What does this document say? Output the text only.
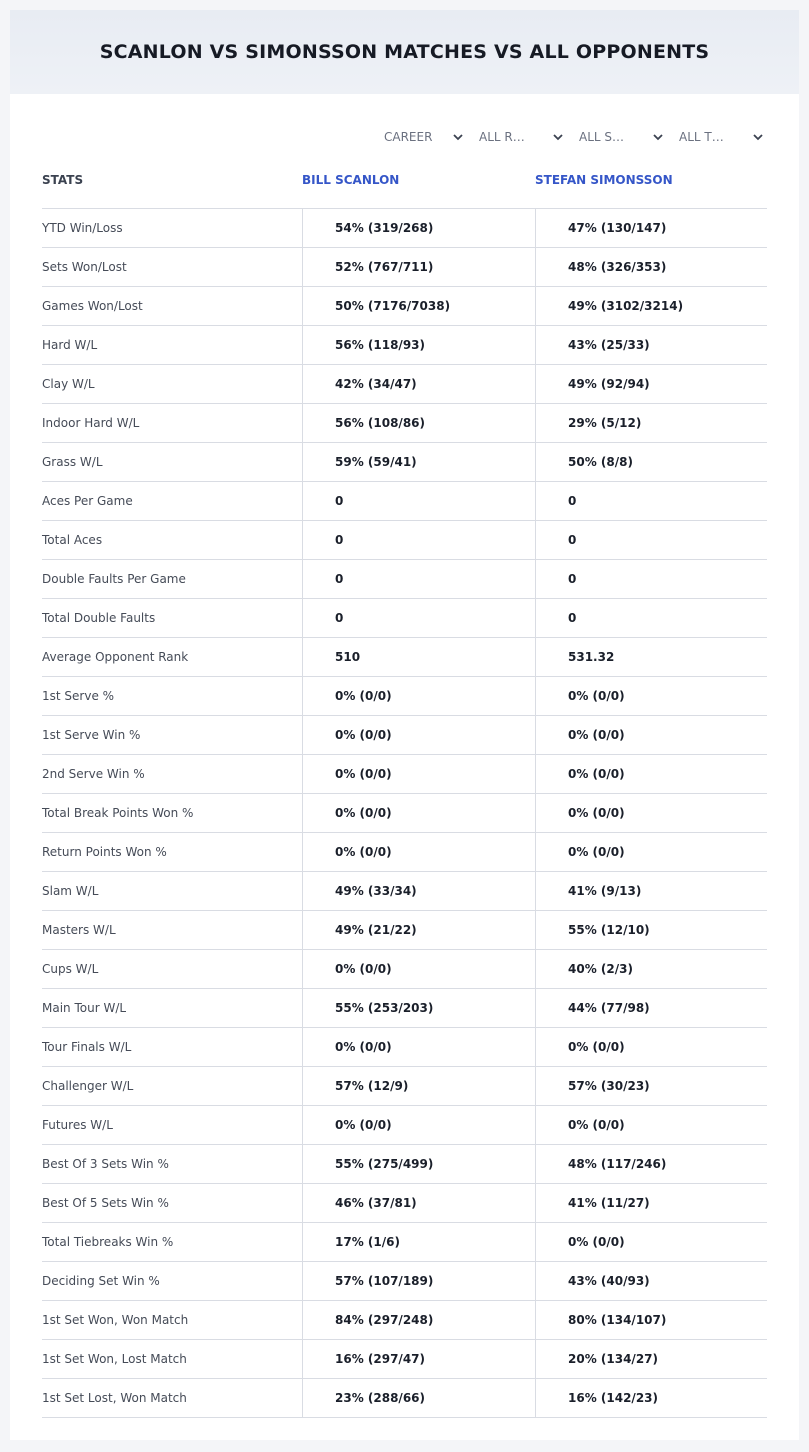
SCANLON VS SIMONSSON MATCHES VS ALL OPPONENTS
CAREER	ALL R…	ALL S…	ALL T…
STATS	BILL SCANLON	STEFAN SIMONSSON
YTD Win/Loss	54% (319/268)	47% (130/147)
Sets Won/Lost	52% (767/711)	48% (326/353)
Games Won/Lost	50% (7176/7038)	49% (3102/3214)
Hard W/L	56% (118/93)	43% (25/33)
Clay W/L	42% (34/47)	49% (92/94)
Indoor Hard W/L	56% (108/86)	29% (5/12)
Grass W/L	59% (59/41)	50% (8/8)
Aces Per Game	0	0
Total Aces	0	0
Double Faults Per Game	0	0
Total Double Faults	0	0
Average Opponent Rank	510	531.32
1st Serve %	0% (0/0)	0% (0/0)
1st Serve Win %	0% (0/0)	0% (0/0)
2nd Serve Win %	0% (0/0)	0% (0/0)
Total Break Points Won %	0% (0/0)	0% (0/0)
Return Points Won %	0% (0/0)	0% (0/0)
Slam W/L	49% (33/34)	41% (9/13)
Masters W/L	49% (21/22)	55% (12/10)
Cups W/L	0% (0/0)	40% (2/3)
Main Tour W/L	55% (253/203)	44% (77/98)
Tour Finals W/L	0% (0/0)	0% (0/0)
Challenger W/L	57% (12/9)	57% (30/23)
Futures W/L	0% (0/0)	0% (0/0)
Best Of 3 Sets Win %	55% (275/499)	48% (117/246)
Best Of 5 Sets Win %	46% (37/81)	41% (11/27)
Total Tiebreaks Win %	17% (1/6)	0% (0/0)
Deciding Set Win %	57% (107/189)	43% (40/93)
1st Set Won, Won Match	84% (297/248)	80% (134/107)
1st Set Won, Lost Match	16% (297/47)	20% (134/27)
1st Set Lost, Won Match	23% (288/66)	16% (142/23)
